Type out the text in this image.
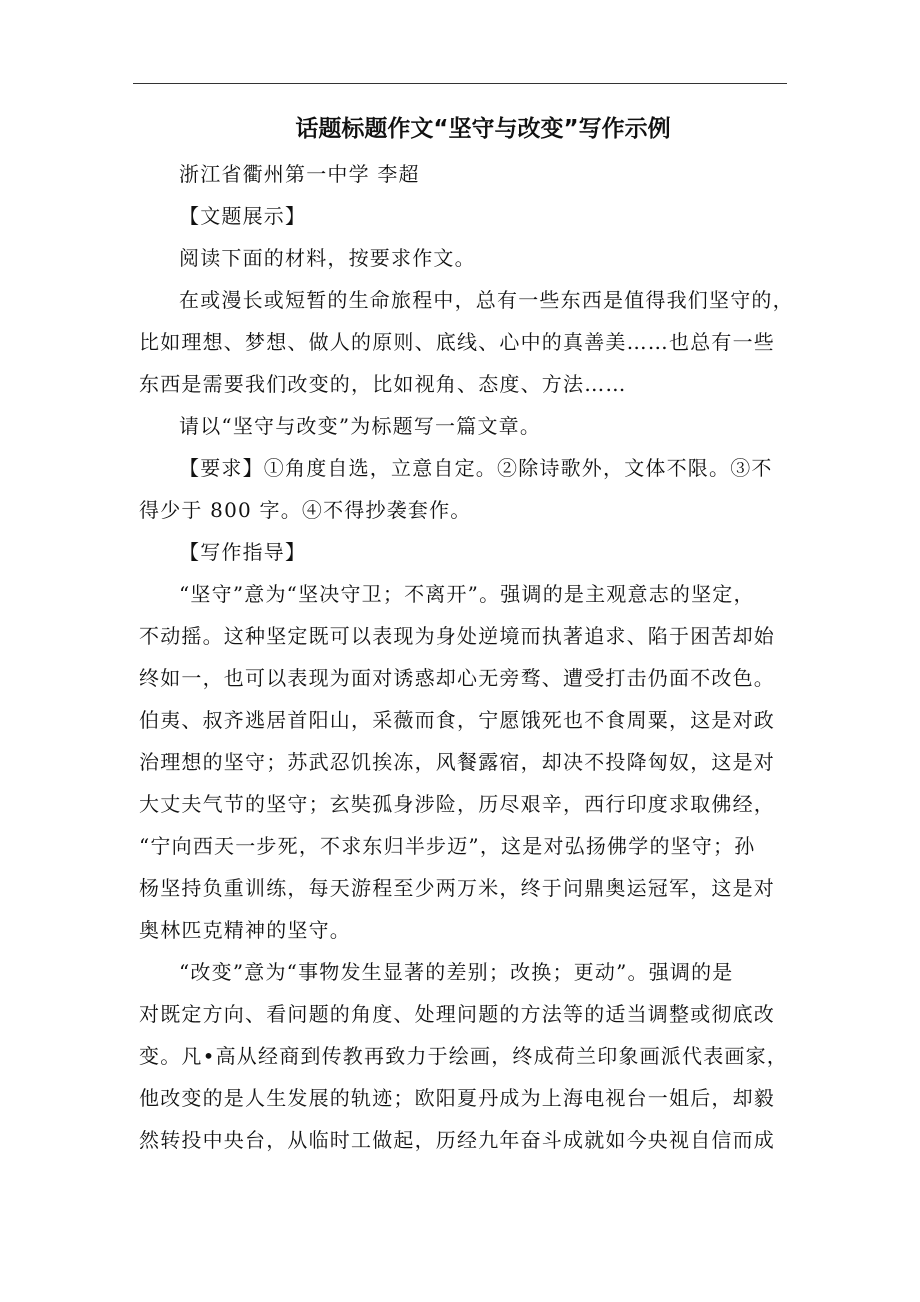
话题标题作文“坚守与改变”写作示例
浙江省衢州第一中学 李超
【文题展示】
阅读下面的材料，按要求作文。
在或漫长或短暂的生命旅程中，总有一些东西是值得我们坚守的，
比如理想、梦想、做人的原则、底线、心中的真善美……也总有一些
东西是需要我们改变的，比如视角、态度、方法……
请以“坚守与改变”为标题写一篇文章。
【要求】①角度自选，立意自定。②除诗歌外，文体不限。③不
得少于 800 字。④不得抄袭套作。
【写作指导】
“坚守”意为“坚决守卫；不离开”。强调的是主观意志的坚定，
不动摇。这种坚定既可以表现为身处逆境而执著追求、陷于困苦却始
终如一，也可以表现为面对诱惑却心无旁骛、遭受打击仍面不改色。
伯夷、叔齐逃居首阳山，采薇而食，宁愿饿死也不食周粟，这是对政
治理想的坚守；苏武忍饥挨冻，风餐露宿，却决不投降匈奴，这是对
大丈夫气节的坚守；玄奘孤身涉险，历尽艰辛，西行印度求取佛经，
“宁向西天一步死，不求东归半步迈”，这是对弘扬佛学的坚守；孙
杨坚持负重训练，每天游程至少两万米，终于问鼎奥运冠军，这是对
奥林匹克精神的坚守。
“改变”意为“事物发生显著的差别；改换；更动”。强调的是
对既定方向、看问题的角度、处理问题的方法等的适当调整或彻底改
变。凡•高从经商到传教再致力于绘画，终成荷兰印象画派代表画家，
他改变的是人生发展的轨迹；欧阳夏丹成为上海电视台一姐后，却毅
然转投中央台，从临时工做起，历经九年奋斗成就如今央视自信而成
